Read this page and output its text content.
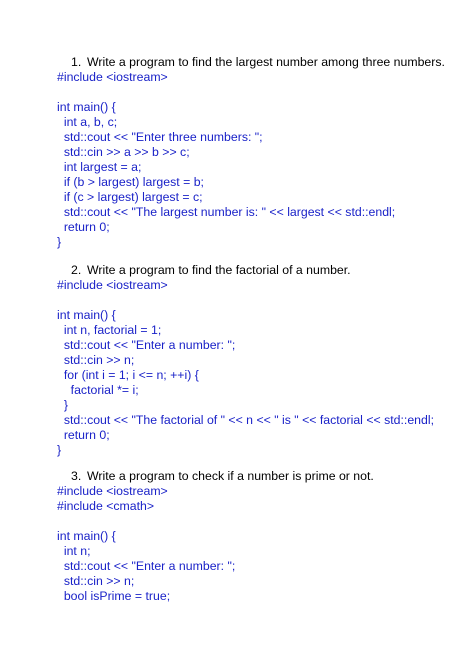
1. Write a program to find the largest number among three numbers.
#include <iostream>
int main() {
int a, b, c;
std::cout << "Enter three numbers: ";
std::cin >> a >> b >> c;
int largest = a;
if (b > largest) largest = b;
if (c > largest) largest = c;
std::cout << "The largest number is: " << largest << std::endl;
return 0;
}
2. Write a program to find the factorial of a number.
#include <iostream>
int main() {
int n, factorial = 1;
std::cout << "Enter a number: ";
std::cin >> n;
for (int i = 1; i <= n; ++i) {
factorial *= i;
}
std::cout << "The factorial of " << n << " is " << factorial << std::endl;
return 0;
}
3. Write a program to check if a number is prime or not.
#include <iostream>
#include <cmath>
int main() {
int n;
std::cout << "Enter a number: ";
std::cin >> n;
bool isPrime = true;
